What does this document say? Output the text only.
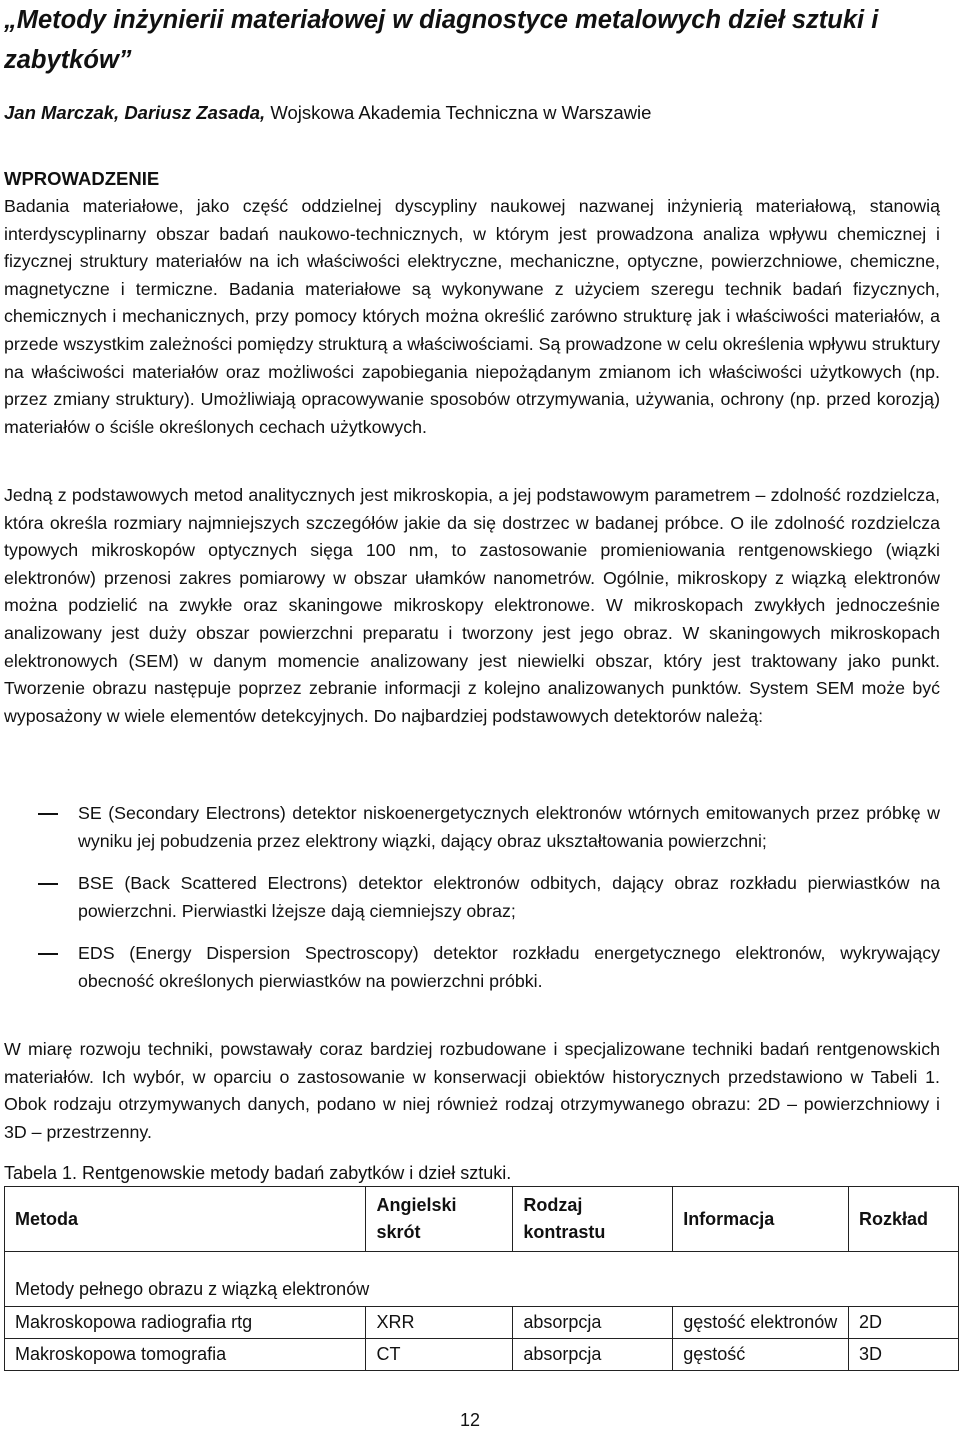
„Metody inżynierii materiałowej w diagnostyce metalowych dzieł sztuki i zabytków”
Jan Marczak, Dariusz Zasada, Wojskowa Akademia Techniczna w Warszawie
WPROWADZENIE
Badania materiałowe, jako część oddzielnej dyscypliny naukowej nazwanej inżynierią materiałową, stanowią interdyscyplinarny obszar badań naukowo-technicznych, w którym jest prowadzona analiza wpływu chemicznej i fizycznej struktury materiałów na ich właściwości elektryczne, mechaniczne, optyczne, powierzchniowe, chemiczne, magnetyczne i termiczne. Badania materiałowe są wykonywane z użyciem szeregu technik badań fizycznych, chemicznych i mechanicznych, przy pomocy których można określić zarówno strukturę jak i właściwości materiałów, a przede wszystkim zależności pomiędzy strukturą a właściwościami. Są prowadzone w celu określenia wpływu struktury na właściwości materiałów oraz możliwości zapobiegania niepożądanym zmianom ich właściwości użytkowych (np. przez zmiany struktury). Umożliwiają opracowywanie sposobów otrzymywania, używania, ochrony (np. przed korozją) materiałów o ściśle określonych cechach użytkowych.
Jedną z podstawowych metod analitycznych jest mikroskopia, a jej podstawowym parametrem – zdolność rozdzielcza, która określa rozmiary najmniejszych szczegółów jakie da się dostrzec w badanej próbce. O ile zdolność rozdzielcza typowych mikroskopów optycznych sięga 100 nm, to zastosowanie promieniowania rentgenowskiego (wiązki elektronów) przenosi zakres pomiarowy w obszar ułamków nanometrów. Ogólnie, mikroskopy z wiązką elektronów można podzielić na zwykłe oraz skaningowe mikroskopy elektronowe. W mikroskopach zwykłych jednocześnie analizowany jest duży obszar powierzchni preparatu i tworzony jest jego obraz. W skaningowych mikroskopach elektronowych (SEM) w danym momencie analizowany jest niewielki obszar, który jest traktowany jako punkt. Tworzenie obrazu następuje poprzez zebranie informacji z kolejno analizowanych punktów. System SEM może być wyposażony w wiele elementów detekcyjnych. Do najbardziej podstawowych detektorów należą:
SE (Secondary Electrons) detektor niskoenergetycznych elektronów wtórnych emitowanych przez próbkę w wyniku jej pobudzenia przez elektrony wiązki, dający obraz ukształtowania powierzchni;
BSE (Back Scattered Electrons) detektor elektronów odbitych, dający obraz rozkładu pierwiastków na powierzchni. Pierwiastki lżejsze dają ciemniejszy obraz;
EDS (Energy Dispersion Spectroscopy) detektor rozkładu energetycznego elektronów, wykrywający obecność określonych pierwiastków na powierzchni próbki.
W miarę rozwoju techniki, powstawały coraz bardziej rozbudowane i specjalizowane techniki badań rentgenowskich materiałów. Ich wybór, w oparciu o zastosowanie w konserwacji obiektów historycznych przedstawiono w Tabeli 1. Obok rodzaju otrzymywanych danych, podano w niej również rodzaj otrzymywanego obrazu: 2D – powierzchniowy i 3D – przestrzenny.
Tabela 1. Rentgenowskie metody badań zabytków i dzieł sztuki.
Metoda	Angielski skrót	Rodzaj kontrastu	Informacja	Rozkład
Metody pełnego obrazu z wiązką elektronów				
Makroskopowa radiografia rtg	XRR	absorpcja	gęstość elektronów	2D
Makroskopowa tomografia	CT	absorpcja	gęstość	3D
12
